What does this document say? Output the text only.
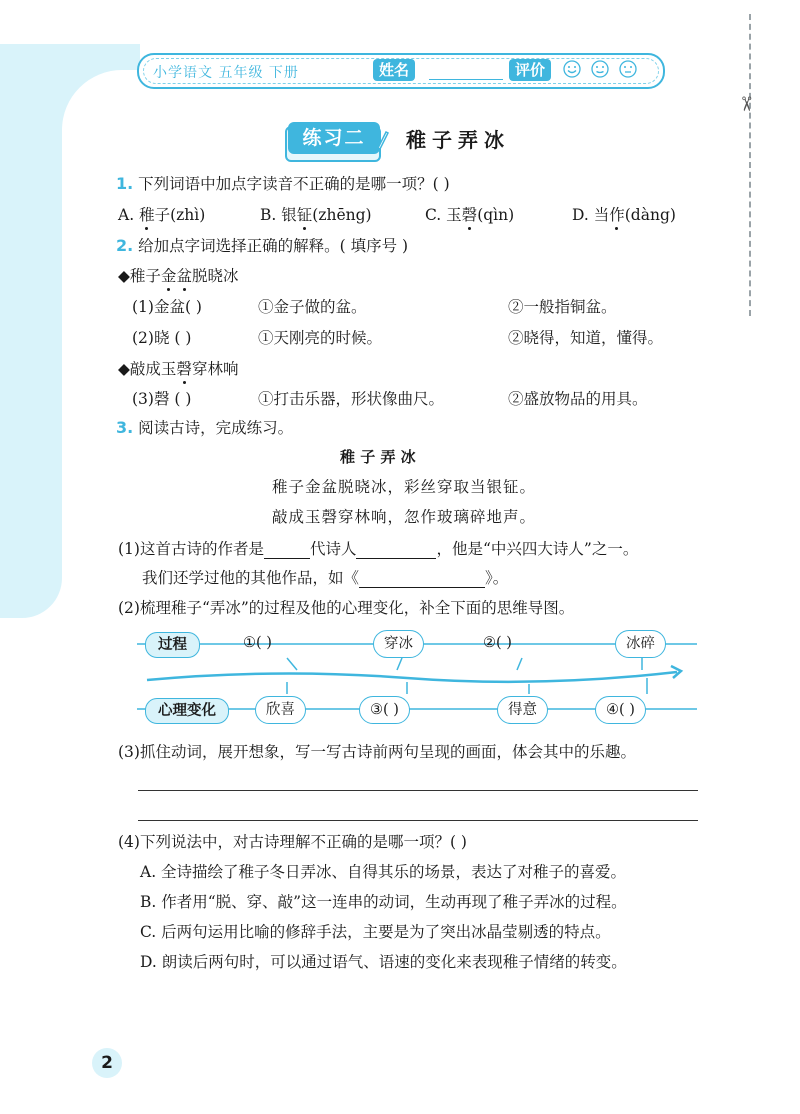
✂
小学语文 五年级 下册	姓名	评价
练习二	稚子弄冰
1. 下列词语中加点字读音不正确的是哪一项？( )
A. 稚子(zhì)	B. 银钲(zhēng)	C. 玉磬(qìn)	D. 当作(dàng)
2. 给加点字词选择正确的解释。( 填序号 )
◆稚子金盆脱晓冰
(1)金盆( )	①金子做的盆。	②一般指铜盆。
(2)晓 ( )	①天刚亮的时候。	②晓得，知道，懂得。
◆敲成玉磬穿林响
(3)磬 ( )	①打击乐器，形状像曲尺。	②盛放物品的用具。
3. 阅读古诗，完成练习。
稚 子 弄 冰
稚子金盆脱晓冰，彩丝穿取当银钲。
敲成玉磬穿林响，忽作玻璃碎地声。
(1)这首古诗的作者是	代诗人	，他是“中兴四大诗人”之一。
我们还学过他的其他作品，如《	》。
(2)梳理稚子“弄冰”的过程及他的心理变化，补全下面的思维导图。
过程
心理变化
①( )	穿冰	②( )	冰碎
欣喜	③( )	得意	④( )
(3)抓住动词，展开想象，写一写古诗前两句呈现的画面，体会其中的乐趣。
(4)下列说法中，对古诗理解不正确的是哪一项？( )
A. 全诗描绘了稚子冬日弄冰、自得其乐的场景，表达了对稚子的喜爱。
B. 作者用“脱、穿、敲”这一连串的动词，生动再现了稚子弄冰的过程。
C. 后两句运用比喻的修辞手法，主要是为了突出冰晶莹剔透的特点。
D. 朗读后两句时，可以通过语气、语速的变化来表现稚子情绪的转变。
2
